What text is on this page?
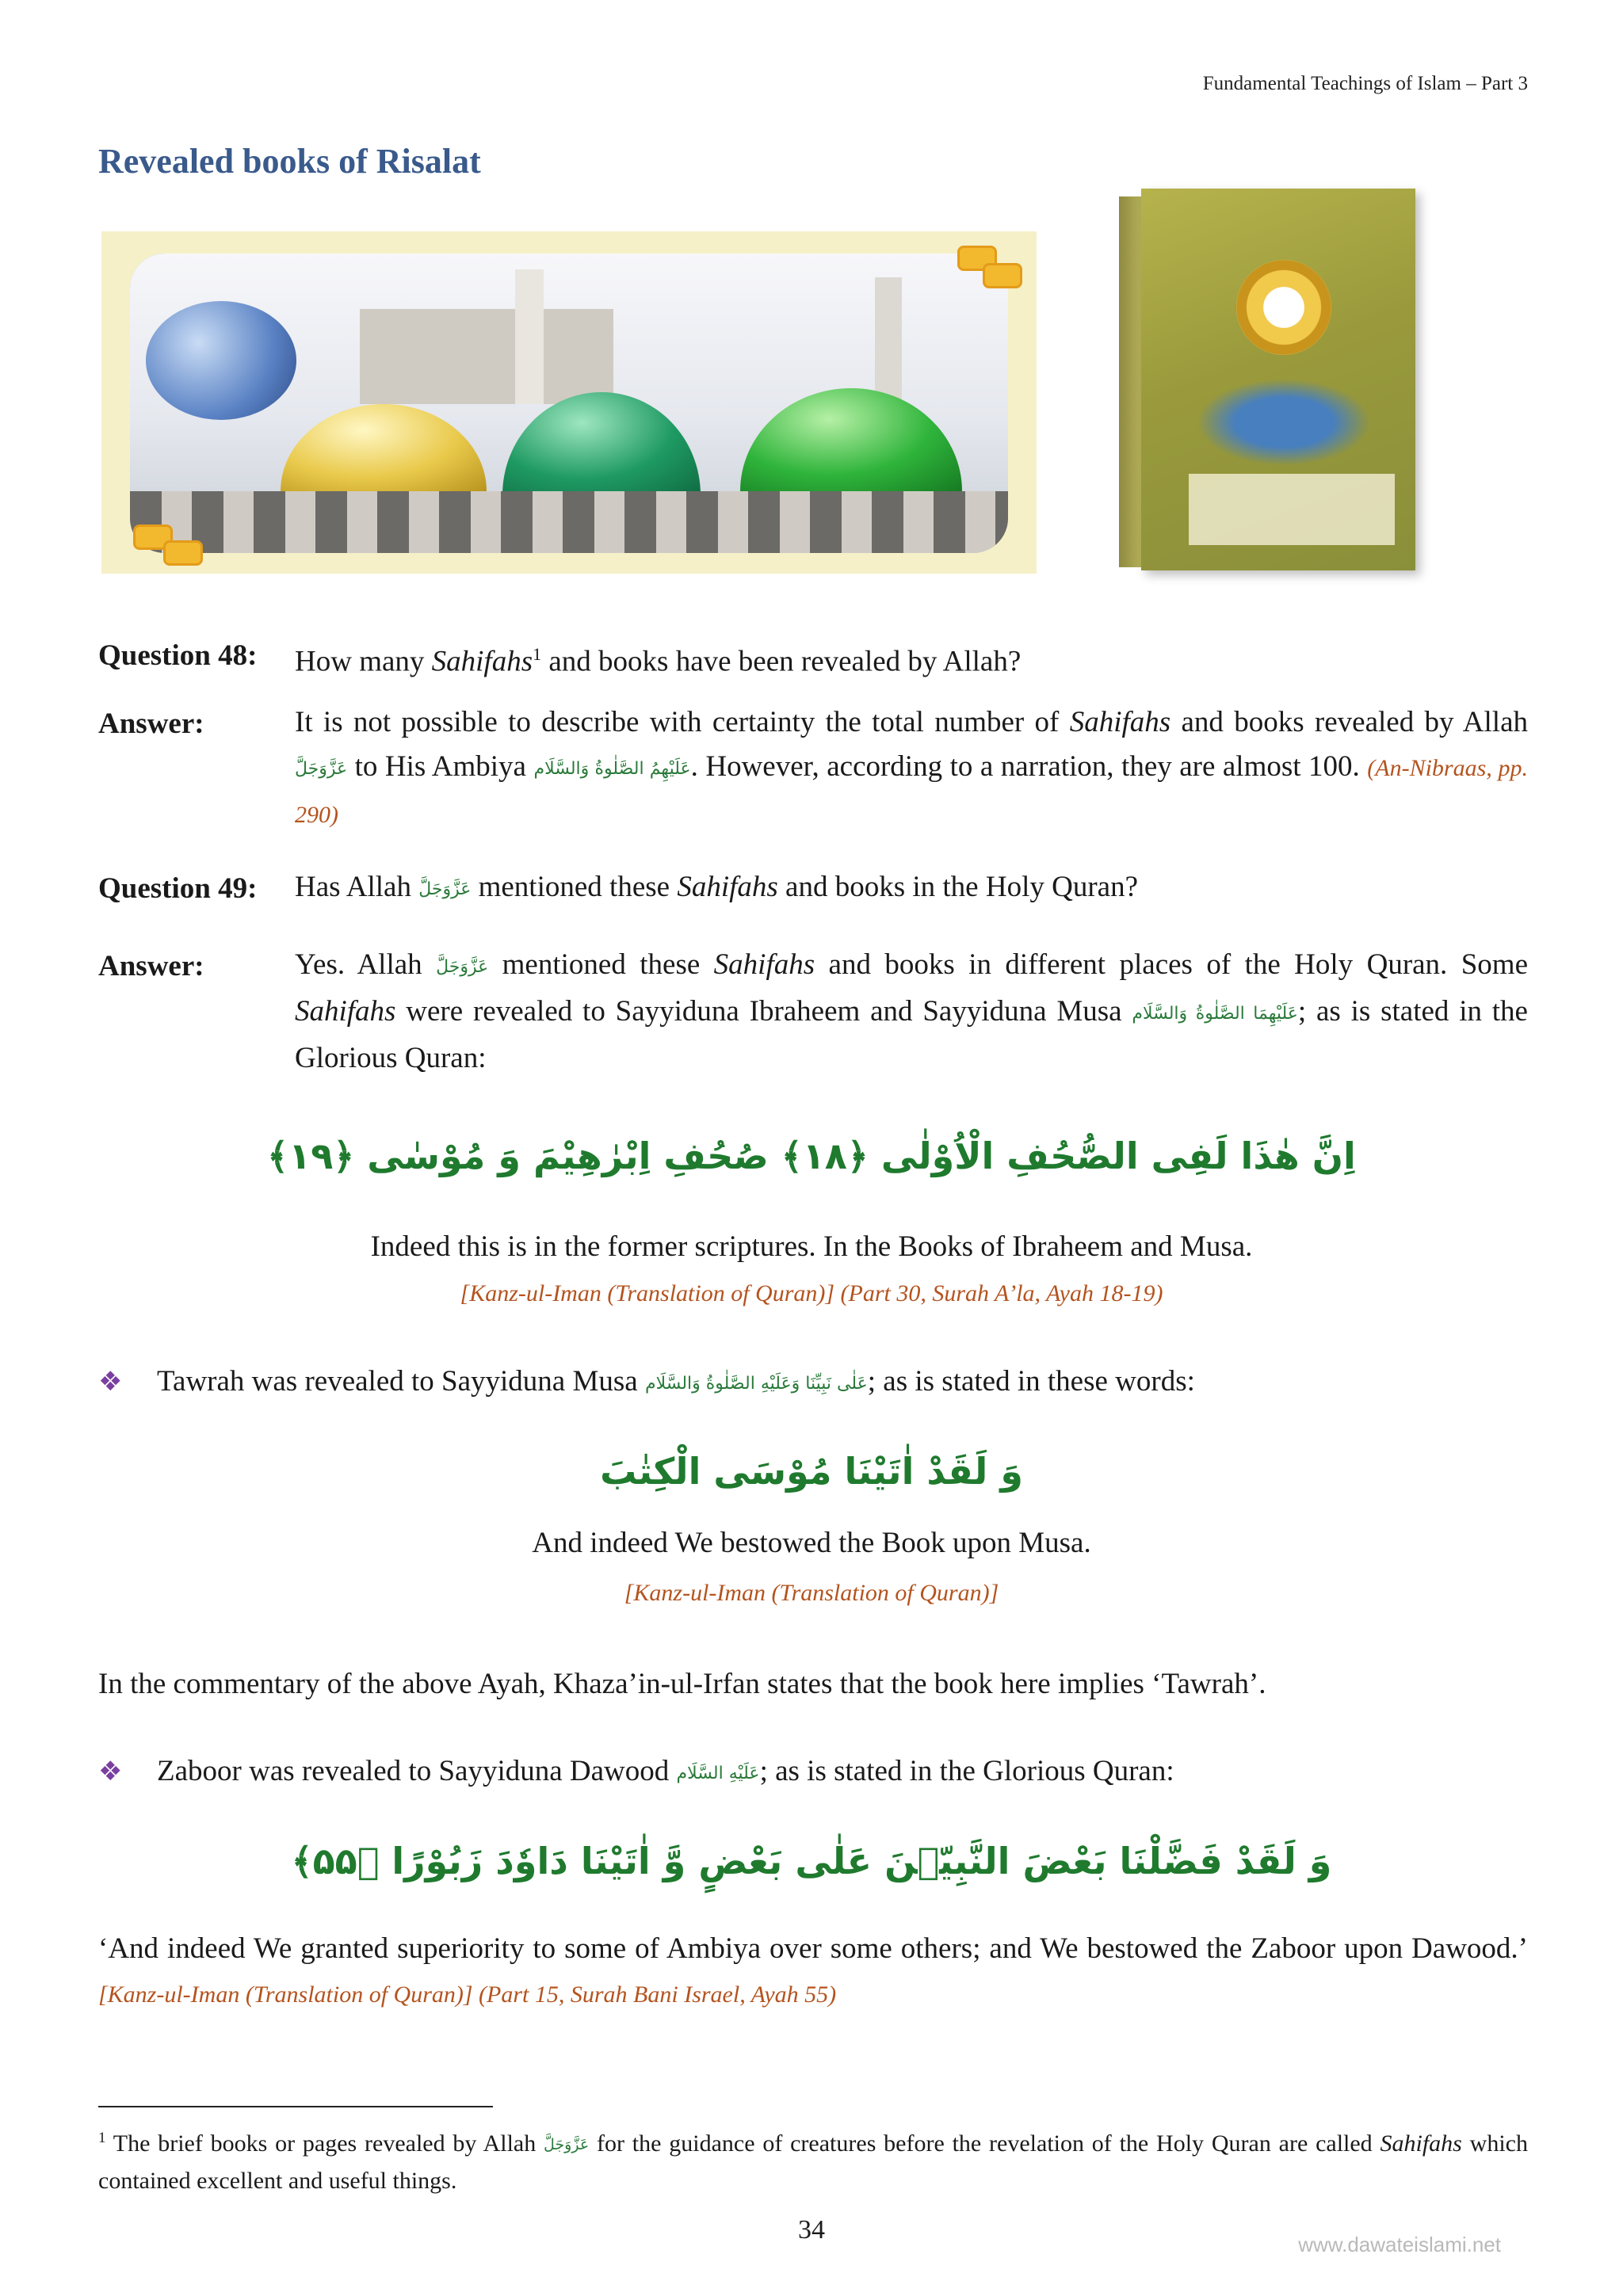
Fundamental Teachings of Islam – Part 3
Revealed books of Risalat
Question 48: How many Sahifahs$^1$ and books have been revealed by Allah?
Answer:	It is not possible to describe with certainty the total number of Sahifahs and books revealed by Allah عَزَّوَجَلَّ to His Ambiya عَلَيْهِمُ الصَّلٰوةُ وَالسَّلَام. However, according to a narration, they are almost 100. (An-Nibraas, pp. 290)
Question 49: Has Allah عَزَّوَجَلَّ mentioned these Sahifahs and books in the Holy Quran?
Answer:	Yes. Allah عَزَّوَجَلَّ mentioned these Sahifahs and books in different places of the Holy Quran. Some Sahifahs were revealed to Sayyiduna Ibraheem and Sayyiduna Musa عَلَيْهِمَا الصَّلٰوةُ وَالسَّلَام; as is stated in the Glorious Quran:
اِنَّ هٰذَا لَفِی الصُّحُفِ الْاُوْلٰى ﴿۱۸﴾ صُحُفِ اِبْرٰهِیْمَ وَ مُوْسٰى ﴿۱۹﴾
Indeed this is in the former scriptures. In the Books of Ibraheem and Musa.
[Kanz-ul-Iman (Translation of Quran)] (Part 30, Surah A’la, Ayah 18-19)
❖ Tawrah was revealed to Sayyiduna Musa عَلٰى نَبِیِّنَا وَعَلَیْهِ الصَّلٰوةُ وَالسَّلَام; as is stated in these words:
وَ لَقَدْ اٰتَیْنَا مُوْسَى الْكِتٰبَ
And indeed We bestowed the Book upon Musa.
[Kanz-ul-Iman (Translation of Quran)]
In the commentary of the above Ayah, Khaza’in-ul-Irfan states that the book here implies ‘Tawrah’.
❖ Zaboor was revealed to Sayyiduna Dawood عَلَيْهِ السَّلَام; as is stated in the Glorious Quran:
وَ لَقَدْ فَضَّلْنَا بَعْضَ النَّبِیّٖنَ عَلٰى بَعْضٍ وَّ اٰتَیْنَا دَاوٗدَ زَبُوْرًا ﴿۵۵﴾
‘And indeed We granted superiority to some of Ambiya over some others; and We bestowed the Zaboor upon Dawood.’ [Kanz-ul-Iman (Translation of Quran)] (Part 15, Surah Bani Israel, Ayah 55)
$^1$ The brief books or pages revealed by Allah عَزَّوَجَلَّ for the guidance of creatures before the revelation of the Holy Quran are called Sahifahs which contained excellent and useful things.
34	www.dawateislami.net
